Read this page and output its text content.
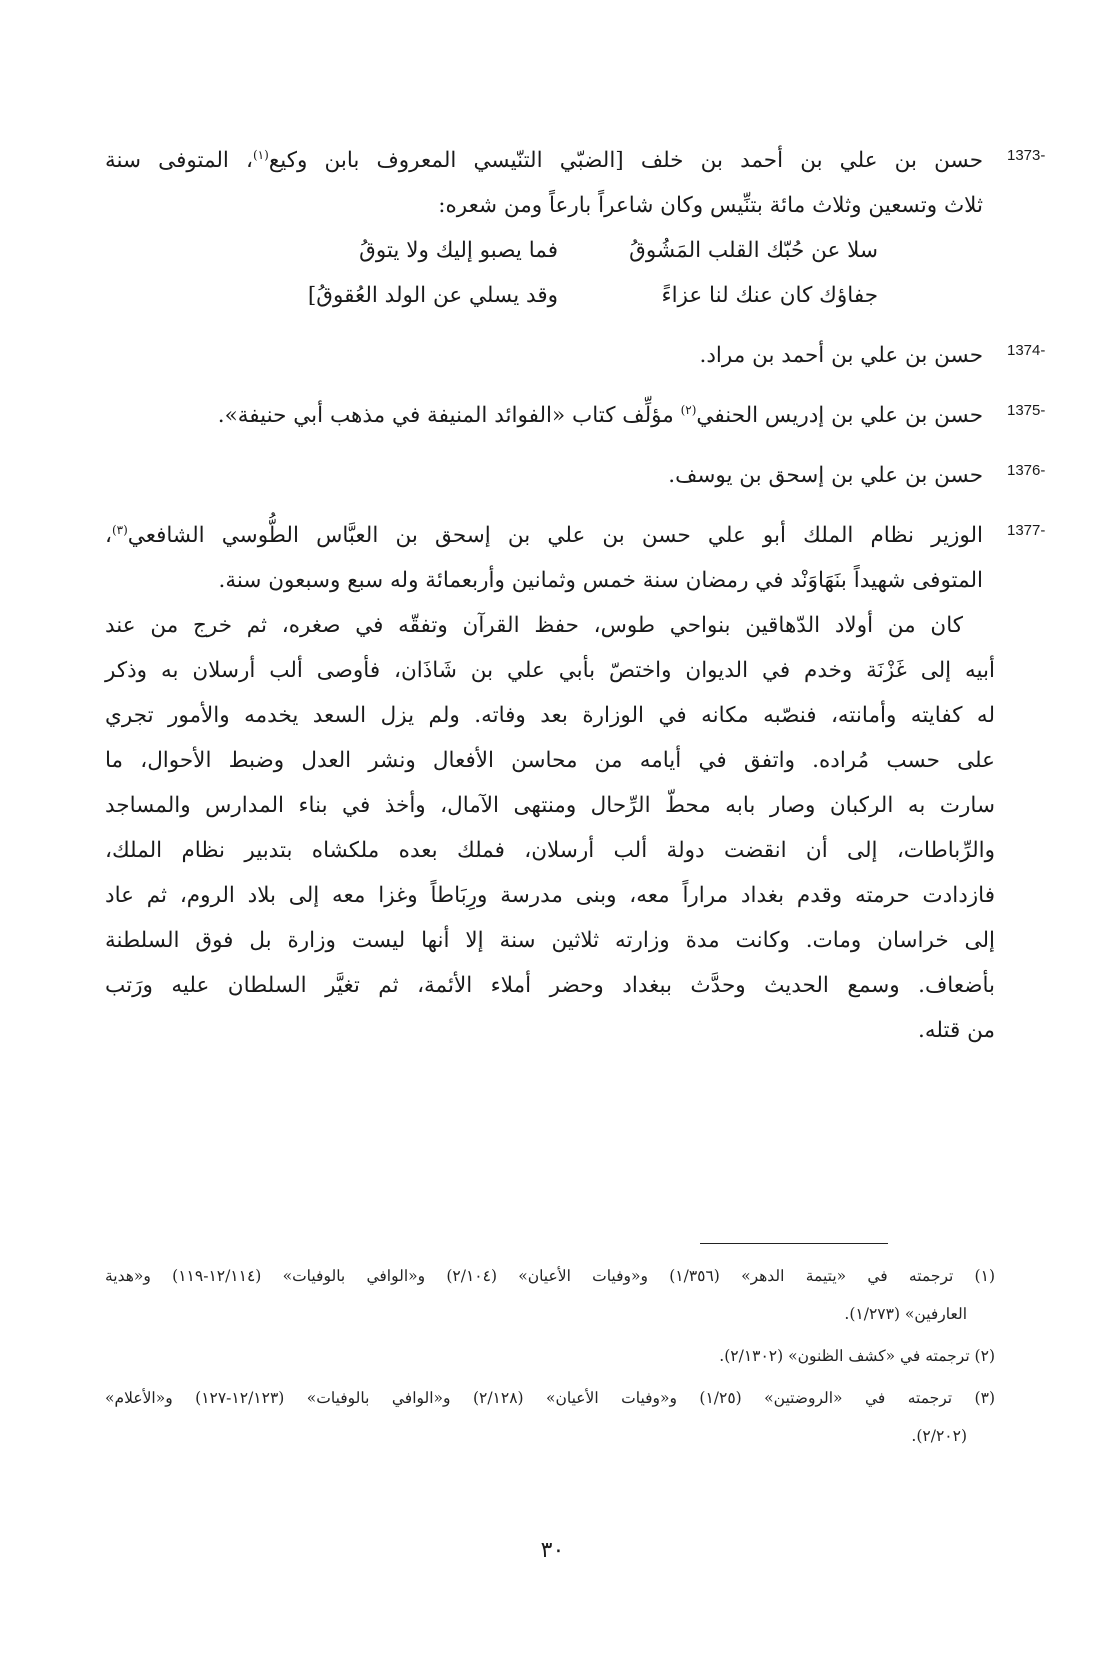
1373 -
حسن بن علي بن أحمد بن خلف [الضبّي التنّيسي المعروف بابن وكيع$^{(١)}$، المتوفى سنة
ثلاث وتسعين وثلاث مائة بتنِّيس وكان شاعراً بارعاً ومن شعره:
سلا عن حُبّك القلب المَشُوقُ
فما يصبو إليك ولا يتوقُ
جفاؤك كان عنك لنا عزاءً
وقد يسلي عن الولد العُقوقُ]
1374 -
حسن بن علي بن أحمد بن مراد.
1375 -
حسن بن علي بن إدريس الحنفي$^{(٢)}$ مؤلِّف كتاب «الفوائد المنيفة في مذهب أبي حنيفة».
1376 -
حسن بن علي بن إسحق بن يوسف.
1377 -
الوزير نظام الملك أبو علي حسن بن علي بن إسحق بن العبَّاس الطُّوسي الشافعي$^{(٣)}$،
المتوفى شهيداً بنَهَاوَنْد في رمضان سنة خمس وثمانين وأربعمائة وله سبع وسبعون سنة.
كان من أولاد الدّهاقين بنواحي طوس، حفظ القرآن وتفقّه في صغره، ثم خرج من عند
أبيه إلى غَزْنَة وخدم في الديوان واختصّ بأبي علي بن شَاذَان، فأوصى ألب أرسلان به وذكر
له كفايته وأمانته، فنصّبه مكانه في الوزارة بعد وفاته. ولم يزل السعد يخدمه والأمور تجري
على حسب مُراده. واتفق في أيامه من محاسن الأفعال ونشر العدل وضبط الأحوال، ما
سارت به الركبان وصار بابه محطّ الرِّحال ومنتهى الآمال، وأخذ في بناء المدارس والمساجد
والرِّباطات، إلى أن انقضت دولة ألب أرسلان، فملك بعده ملكشاه بتدبير نظام الملك،
فازدادت حرمته وقدم بغداد مراراً معه، وبنى مدرسة ورِبَاطاً وغزا معه إلى بلاد الروم، ثم عاد
إلى خراسان ومات. وكانت مدة وزارته ثلاثين سنة إلا أنها ليست وزارة بل فوق السلطنة
بأضعاف. وسمع الحديث وحدَّث ببغداد وحضر أملاء الأئمة، ثم تغيَّر السلطان عليه ورَتب
من قتله.
(١) ترجمته في «يتيمة الدهر» (١/٣٥٦) و«وفيات الأعيان» (٢/١٠٤) و«الوافي بالوفيات» (١٢/١١٤-١١٩) و«هدية
العارفين» (١/٢٧٣).
(٢) ترجمته في «كشف الظنون» (٢/١٣٠٢).
(٣) ترجمته في «الروضتين» (١/٢٥) و«وفيات الأعيان» (٢/١٢٨) و«الوافي بالوفيات» (١٢/١٢٣-١٢٧) و«الأعلام»
(٢/٢٠٢).
٣٠
